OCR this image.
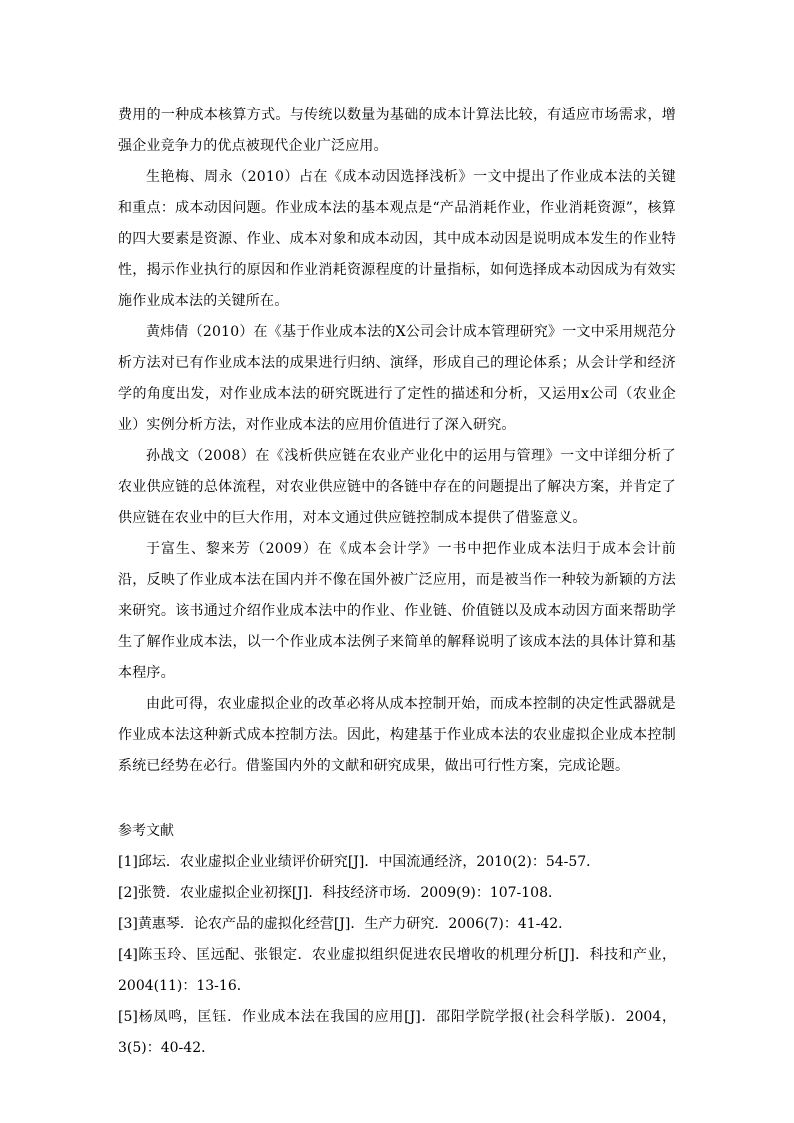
费用的一种成本核算方式。与传统以数量为基础的成本计算法比较，有适应市场需求，增强企业竞争力的优点被现代企业广泛应用。

生艳梅、周永（2010）占在《成本动因选择浅析》一文中提出了作业成本法的关键和重点：成本动因问题。作业成本法的基本观点是“产品消耗作业，作业消耗资源”，核算的四大要素是资源、作业、成本对象和成本动因，其中成本动因是说明成本发生的作业特性，揭示作业执行的原因和作业消耗资源程度的计量指标，如何选择成本动因成为有效实施作业成本法的关键所在。

黄炜倩（2010）在《基于作业成本法的X公司会计成本管理研究》一文中采用规范分析方法对已有作业成本法的成果进行归纳、演绎，形成自己的理论体系；从会计学和经济学的角度出发，对作业成本法的研究既进行了定性的描述和分析，又运用x公司（农业企业）实例分析方法，对作业成本法的应用价值进行了深入研究。

孙战文（2008）在《浅析供应链在农业产业化中的运用与管理》一文中详细分析了农业供应链的总体流程，对农业供应链中的各链中存在的问题提出了解决方案，并肯定了供应链在农业中的巨大作用，对本文通过供应链控制成本提供了借鉴意义。

于富生、黎来芳（2009）在《成本会计学》一书中把作业成本法归于成本会计前沿，反映了作业成本法在国内并不像在国外被广泛应用，而是被当作一种较为新颖的方法来研究。该书通过介绍作业成本法中的作业、作业链、价值链以及成本动因方面来帮助学生了解作业成本法，以一个作业成本法例子来简单的解释说明了该成本法的具体计算和基本程序。

由此可得，农业虚拟企业的改革必将从成本控制开始，而成本控制的决定性武器就是作业成本法这种新式成本控制方法。因此，构建基于作业成本法的农业虚拟企业成本控制系统已经势在必行。借鉴国内外的文献和研究成果，做出可行性方案，完成论题。

参考文献

[1]邱坛．农业虚拟企业业绩评价研究[J]．中国流通经济，2010(2)：54-57．

[2]张赞．农业虚拟企业初探[J]．科技经济市场．2009(9)：107-108．

[3]黄惠琴．论农产品的虚拟化经营[J]．生产力研究．2006(7)：41-42．

[4]陈玉玲、匡远配、张银定．农业虚拟组织促进农民增收的机理分析[J]．科技和产业，2004(11)：13-16．

[5]杨凤鸣，匡钰．作业成本法在我国的应用[J]．邵阳学院学报(社会科学版)．2004，3(5)：40-42．
